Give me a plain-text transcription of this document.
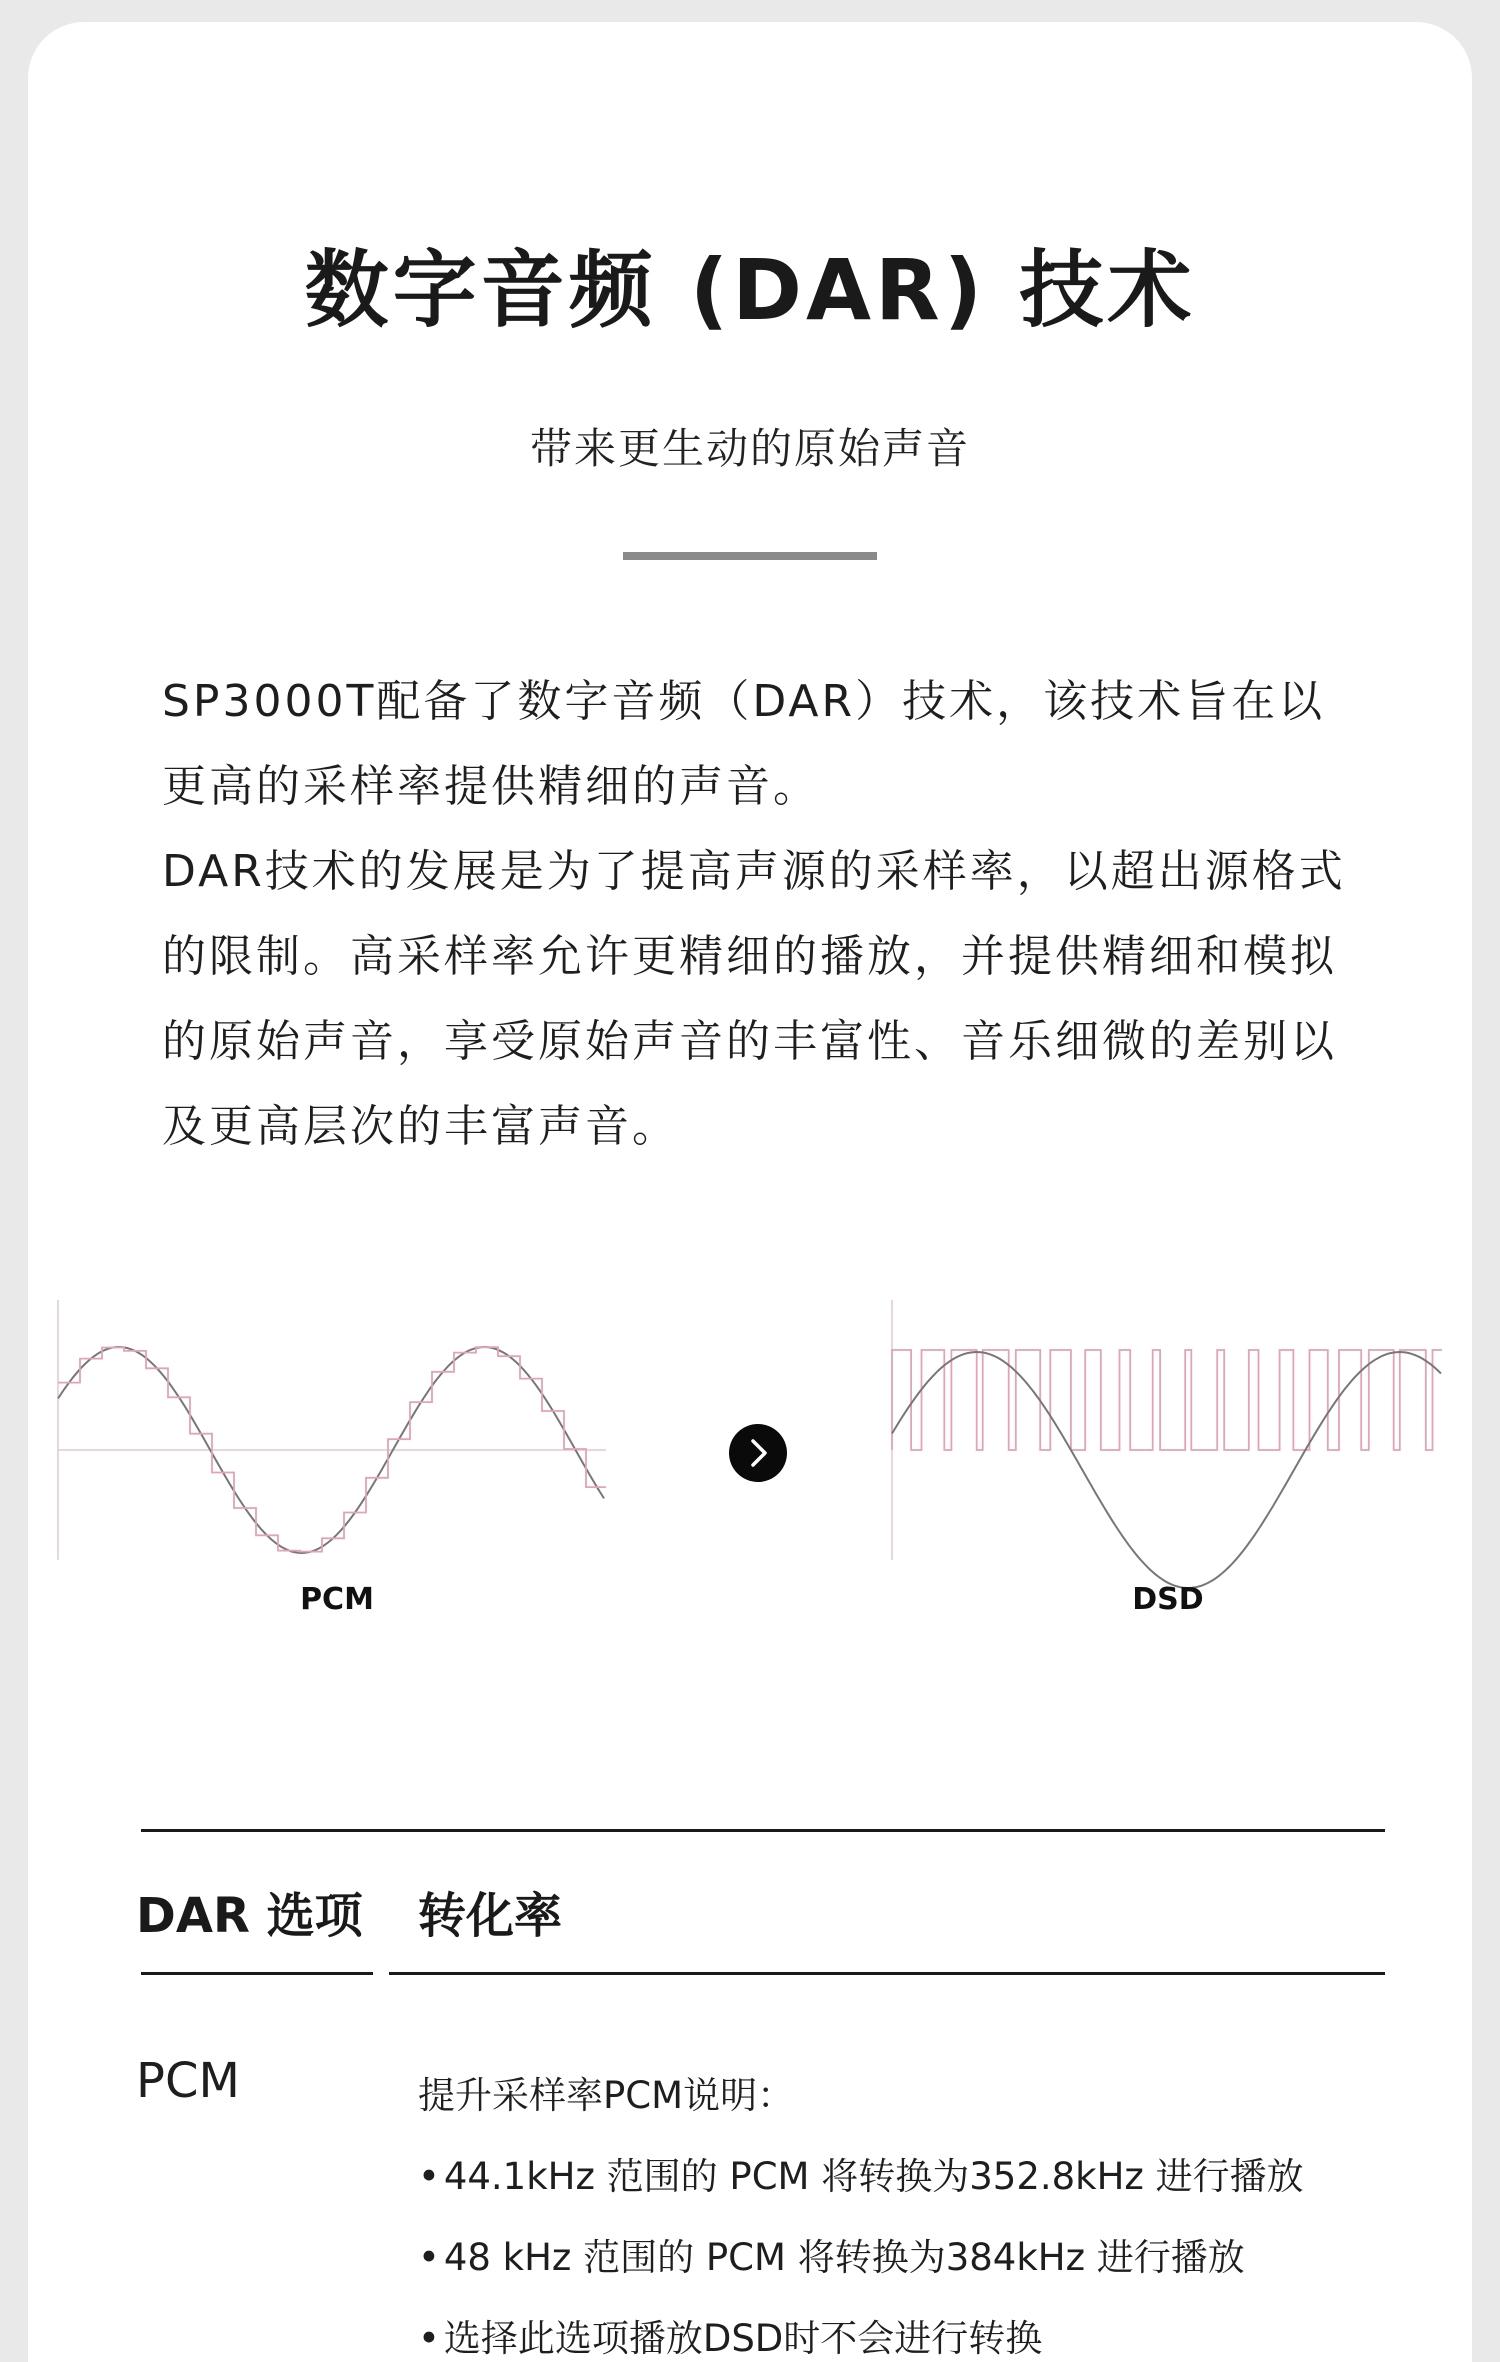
数字音频 (DAR) 技术

带来更生动的原始声音

SP3000T配备了数字音频（DAR）技术，该技术旨在以更高的采样率提供精细的声音。

DAR技术的发展是为了提高声源的采样率，以超出源格式的限制。高采样率允许更精细的播放，并提供精细和模拟的原始声音，享受原始声音的丰富性、音乐细微的差别以及更高层次的丰富声音。

PCM	DSD
DAR 选项 转化率
PCM	提升采样率PCM说明：
• 44.1kHz 范围的 PCM 将转换为352.8kHz 进行播放
• 48 kHz 范围的 PCM 将转换为384kHz 进行播放
• 选择此选项播放DSD时不会进行转换
